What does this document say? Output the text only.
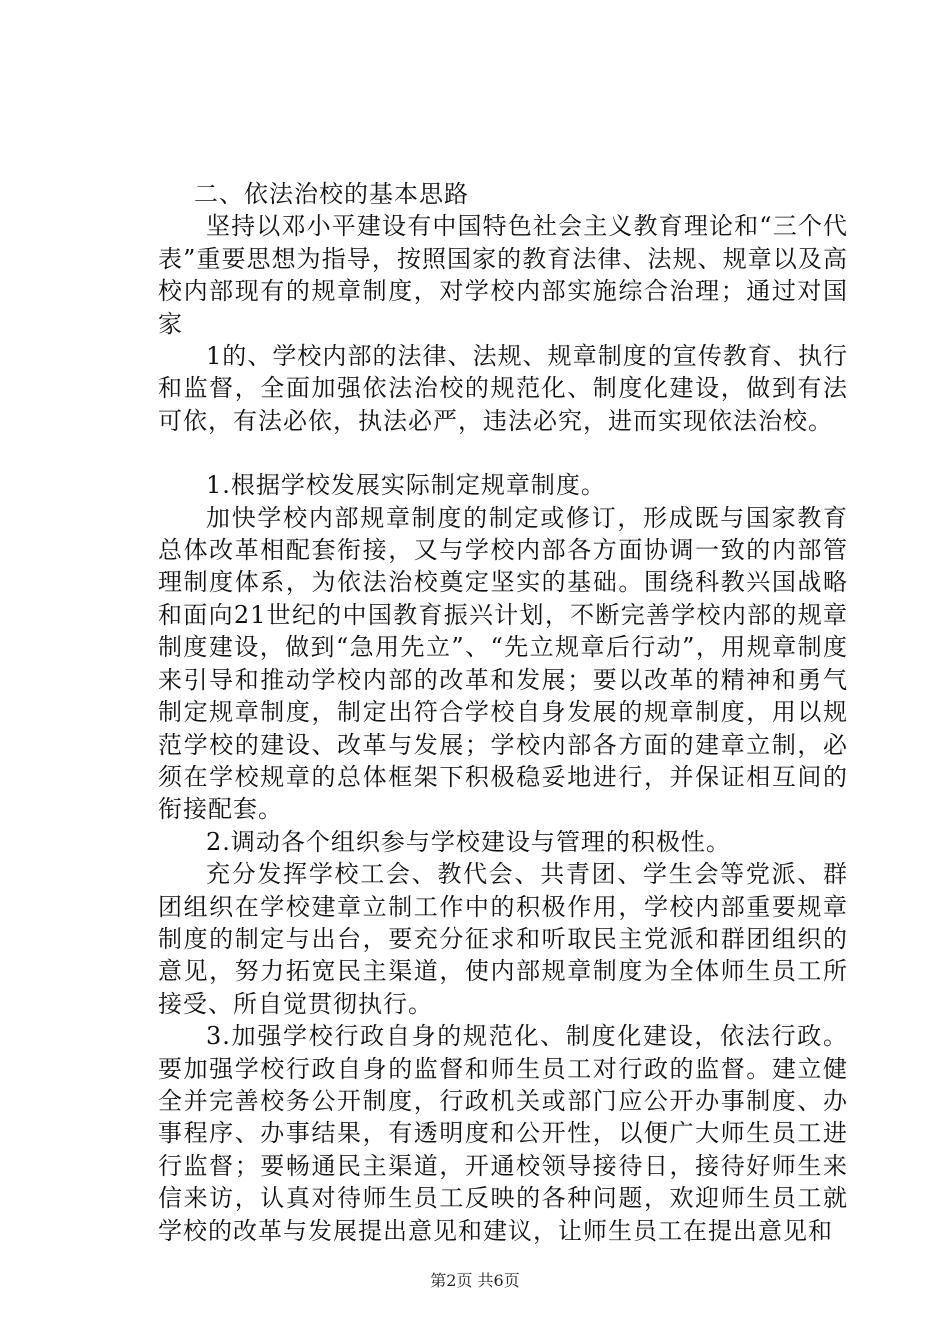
二、依法治校的基本思路

坚持以邓小平建设有中国特色社会主义教育理论和“三个代表”重要思想为指导，按照国家的教育法律、法规、规章以及高校内部现有的规章制度，对学校内部实施综合治理；通过对国家

1的、学校内部的法律、法规、规章制度的宣传教育、执行和监督，全面加强依法治校的规范化、制度化建设，做到有法可依，有法必依，执法必严，违法必究，进而实现依法治校。

1.根据学校发展实际制定规章制度。

加快学校内部规章制度的制定或修订，形成既与国家教育总体改革相配套衔接，又与学校内部各方面协调一致的内部管理制度体系，为依法治校奠定坚实的基础。围绕科教兴国战略和面向21世纪的中国教育振兴计划，不断完善学校内部的规章制度建设，做到“急用先立”、“先立规章后行动”，用规章制度来引导和推动学校内部的改革和发展；要以改革的精神和勇气制定规章制度，制定出符合学校自身发展的规章制度，用以规范学校的建设、改革与发展；学校内部各方面的建章立制，必须在学校规章的总体框架下积极稳妥地进行，并保证相互间的衔接配套。

2.调动各个组织参与学校建设与管理的积极性。

充分发挥学校工会、教代会、共青团、学生会等党派、群团组织在学校建章立制工作中的积极作用，学校内部重要规章制度的制定与出台，要充分征求和听取民主党派和群团组织的意见，努力拓宽民主渠道，使内部规章制度为全体师生员工所接受、所自觉贯彻执行。

3.加强学校行政自身的规范化、制度化建设，依法行政。要加强学校行政自身的监督和师生员工对行政的监督。建立健全并完善校务公开制度，行政机关或部门应公开办事制度、办事程序、办事结果，有透明度和公开性，以便广大师生员工进行监督；要畅通民主渠道，开通校领导接待日，接待好师生来信来访，认真对待师生员工反映的各种问题，欢迎师生员工就学校的改革与发展提出意见和建议，让师生员工在提出意见和

第2页 共6页
